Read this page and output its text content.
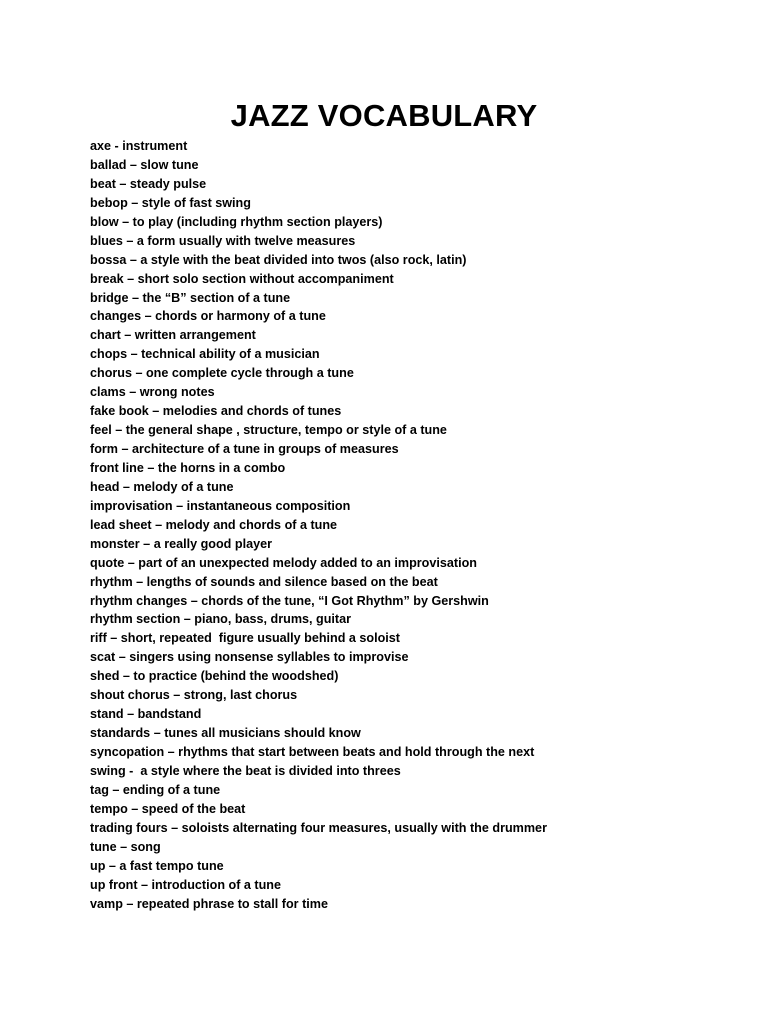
JAZZ VOCABULARY
axe - instrument
ballad – slow tune
beat – steady pulse
bebop – style of fast swing
blow – to play (including rhythm section players)
blues – a form usually with twelve measures
bossa – a style with the beat divided into twos (also rock, latin)
break – short solo section without accompaniment
bridge – the “B” section of a tune
changes – chords or harmony of a tune
chart – written arrangement
chops – technical ability of a musician
chorus – one complete cycle through a tune
clams – wrong notes
fake book – melodies and chords of tunes
feel – the general shape , structure, tempo or style of a tune
form – architecture of a tune in groups of measures
front line – the horns in a combo
head – melody of a tune
improvisation – instantaneous composition
lead sheet – melody and chords of a tune
monster – a really good player
quote – part of an unexpected melody added to an improvisation
rhythm – lengths of sounds and silence based on the beat
rhythm changes – chords of the tune, “I Got Rhythm” by Gershwin
rhythm section – piano, bass, drums, guitar
riff – short, repeated  figure usually behind a soloist
scat – singers using nonsense syllables to improvise
shed – to practice (behind the woodshed)
shout chorus – strong, last chorus
stand – bandstand
standards – tunes all musicians should know
syncopation – rhythms that start between beats and hold through the next
swing -  a style where the beat is divided into threes
tag – ending of a tune
tempo – speed of the beat
trading fours – soloists alternating four measures, usually with the drummer
tune – song
up – a fast tempo tune
up front – introduction of a tune
vamp – repeated phrase to stall for time
